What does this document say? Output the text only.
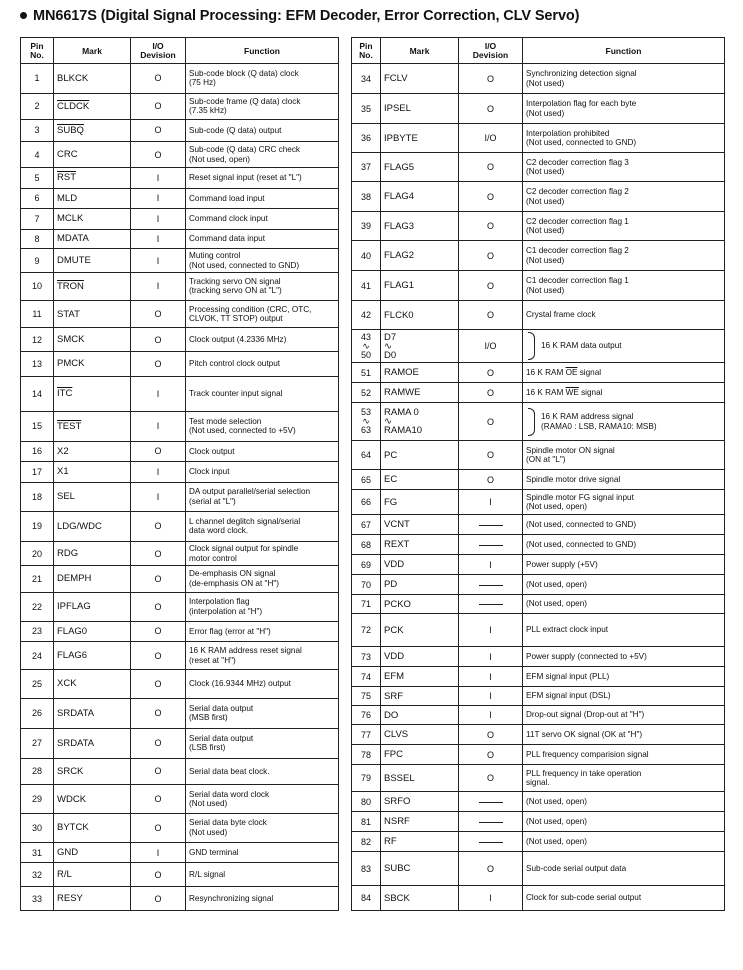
MN6617S (Digital Signal Processing: EFM Decoder, Error Correction, CLV Servo)
Pin
No.	Mark	I/O
Devision	Function
1	BLKCK	O	Sub-code block (Q data) clock
(75 Hz)

2	CLDCK	O	Sub-code frame (Q data) clock
(7.35 kHz)

3	SUBQ	O	Sub-code (Q data) output

4	CRC	O	Sub-code (Q data) CRC check
(Not used, open)

5	$\overline{RST}$	I	Reset signal input (reset at "L")

6	MLD	I	Command load input

7	MCLK	I	Command clock input

8	MDATA	I	Command data input

9	DMUTE	I	Muting control
(Not used, connected to GND)

10	TRON	I	Tracking servo ON signal
(tracking servo ON at "L")

11	STAT	O	Processing condition (CRC, OTC,
CLVOK, TT STOP) output

12	SMCK	O	Clock output (4.2336 MHz)

13	PMCK	O	Pitch control clock output

14	$\overline{ITC}$	I	Track counter input signal

15	TEST	I	Test mode selection
(Not used, connected to +5V)

16	X2	O	Clock output

17	X1	I	Clock input

18	SEL	I	DA output parallel/serial selection
(serial at "L")

19	LDG/WDC	O	L channel deglitch signal/serial
data word clock.

20	RDG	O	Clock signal output for spindle
motor control

21	DEMPH	O	De-emphasis ON signal
(de-emphasis ON at "H")

22	IPFLAG	O	Interpolation flag
(interpolation at "H")

23	FLAG0	O	Error flag (error at "H")

24	FLAG6	O	16 K RAM address reset signal
(reset at "H")

25	XCK	O	Clock (16.9344 MHz) output

26	SRDATA	O	Serial data output
(MSB first)

27	SRDATA	O	Serial data output
(LSB first)

28	SRCK	O	Serial data beat clock.

29	WDCK	O	Serial data word clock
(Not used)

30	BYTCK	O	Serial data byte clock
(Not used)

31	GND	I	GND terminal

32	R/L	O	R/L signal

33	RESY	O	Resynchronizing signal
Pin
No.	Mark	I/O
Devision	Function
34	FCLV	O	Synchronizing detection signal
(Not used)

35	IPSEL	O	Interpolation flag for each byte
(Not used)

36	IPBYTE	I/O	Interpolation prohibited
(Not used, connected to GND)

37	FLAG5	O	C2 decoder correction flag 3
(Not used)

38	FLAG4	O	C2 decoder correction flag 2
(Not used)

39	FLAG3	O	C2 decoder correction flag 1
(Not used)

40	FLAG2	O	C1 decoder correction flag 2
(Not used)

41	FLAG1	O	C1 decoder correction flag 1
(Not used)

42	FLCK0	O	Crystal frame clock

43
∿
50	D7
∿
D0	I/O	16 K RAM data output

51	RAMOE	O	16 K RAM $\overline{OE}$ signal

52	RAMWE	O	16 K RAM $\overline{WE}$ signal

53
∿
63	RAMA 0
∿
RAMA10	O	16 K RAM address signal
(RAMA0 : LSB, RAMA10: MSB)

64	PC	O	Spindle motor ON signal
(ON at "L")

65	EC	O	Spindle motor drive signal

66	FG	I	Spindle motor FG signal input
(Not used, open)

67	VCNT		(Not used, connected to GND)

68	REXT		(Not used, connected to GND)

69	VDD	I	Power supply (+5V)

70	PD		(Not used, open)

71	PCKO		(Not used, open)

72	PCK	I	PLL extract clock input

73	VDD	I	Power supply (connected to +5V)

74	EFM	I	EFM signal input (PLL)

75	SRF	I	EFM signal input (DSL)

76	DO	I	Drop-out signal (Drop-out at "H")

77	CLVS	O	11T servo OK signal (OK at "H")

78	FPC	O	PLL frequency comparision signal

79	BSSEL	O	PLL frequency in take operation
signal.

80	SRFO		(Not used, open)

81	NSRF		(Not used, open)

82	RF		(Not used, open)

83	SUBC	O	Sub-code serial output data

84	SBCK	I	Clock for sub-code serial output
